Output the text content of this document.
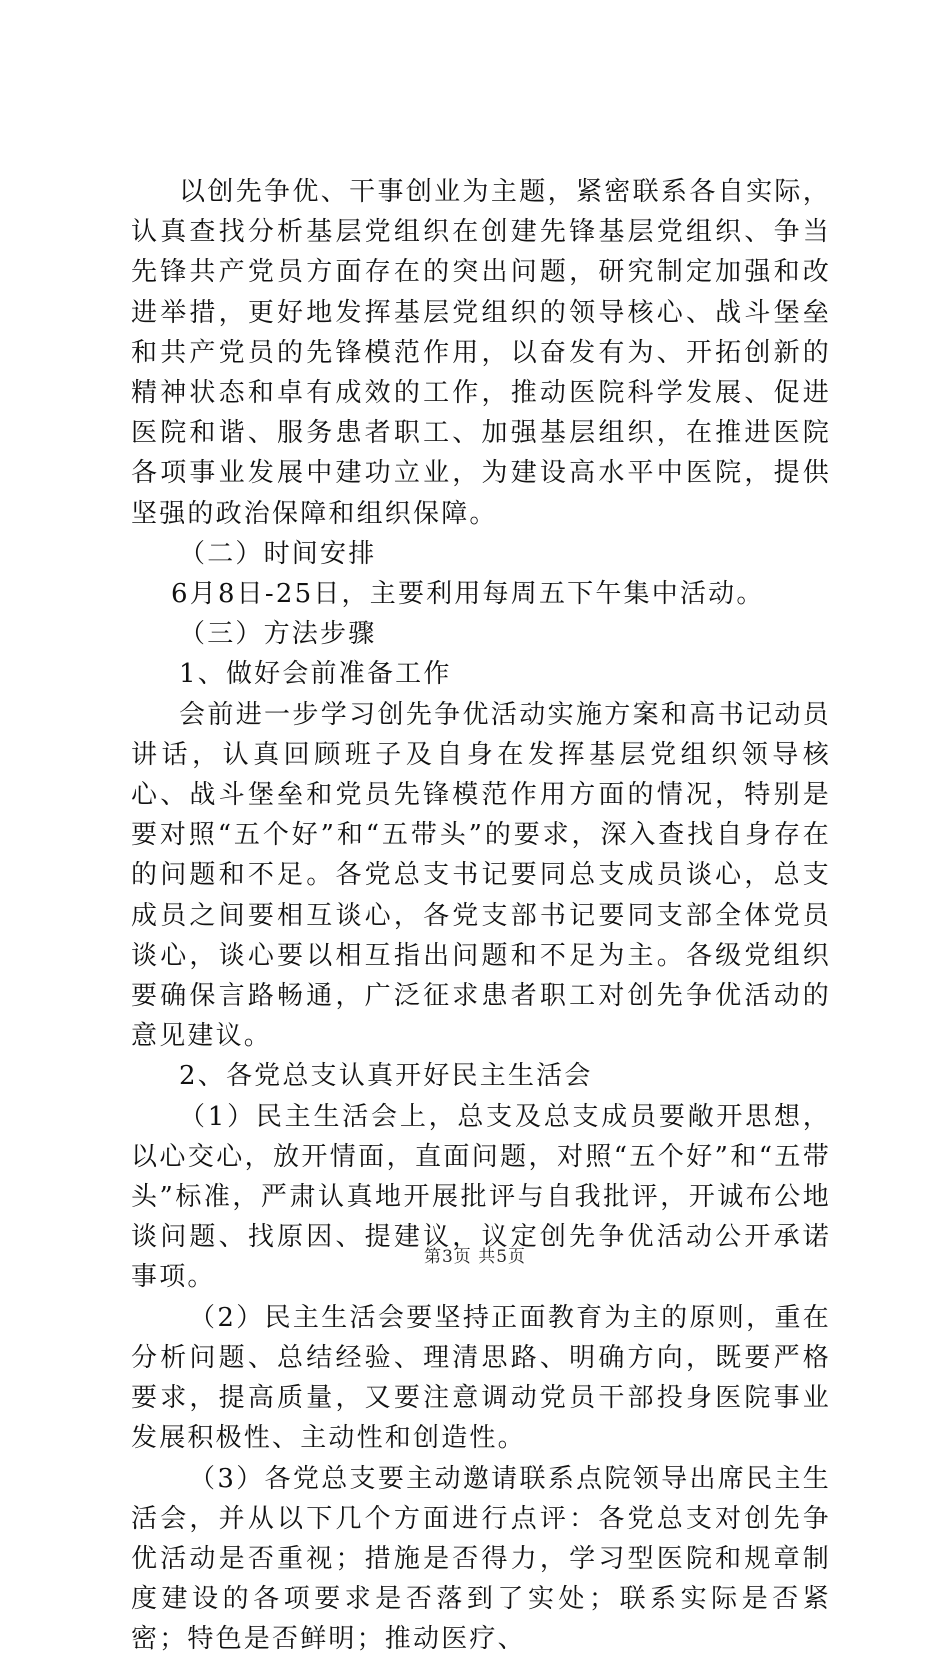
以创先争优、干事创业为主题，紧密联系各自实际，认真查找分析基层党组织在创建先锋基层党组织、争当先锋共产党员方面存在的突出问题，研究制定加强和改进举措，更好地发挥基层党组织的领导核心、战斗堡垒和共产党员的先锋模范作用，以奋发有为、开拓创新的精神状态和卓有成效的工作，推动医院科学发展、促进医院和谐、服务患者职工、加强基层组织，在推进医院各项事业发展中建功立业，为建设高水平中医院，提供坚强的政治保障和组织保障。

（二）时间安排

6月8日-25日，主要利用每周五下午集中活动。

（三）方法步骤

1、做好会前准备工作

会前进一步学习创先争优活动实施方案和高书记动员讲话，认真回顾班子及自身在发挥基层党组织领导核心、战斗堡垒和党员先锋模范作用方面的情况，特别是要对照“五个好”和“五带头”的要求，深入查找自身存在的问题和不足。各党总支书记要同总支成员谈心，总支成员之间要相互谈心，各党支部书记要同支部全体党员谈心，谈心要以相互指出问题和不足为主。各级党组织要确保言路畅通，广泛征求患者职工对创先争优活动的意见建议。

2、各党总支认真开好民主生活会

（1）民主生活会上，总支及总支成员要敞开思想，以心交心，放开情面，直面问题，对照“五个好”和“五带头”标准，严肃认真地开展批评与自我批评，开诚布公地谈问题、找原因、提建议，议定创先争优活动公开承诺事项。

（2）民主生活会要坚持正面教育为主的原则，重在分析问题、总结经验、理清思路、明确方向，既要严格要求，提高质量，又要注意调动党员干部投身医院事业发展积极性、主动性和创造性。

（3）各党总支要主动邀请联系点院领导出席民主生活会，并从以下几个方面进行点评：各党总支对创先争优活动是否重视；措施是否得力，学习型医院和规章制度建设的各项要求是否落到了实处；联系实际是否紧密；特色是否鲜明；推动医疗、

第3页 共5页
